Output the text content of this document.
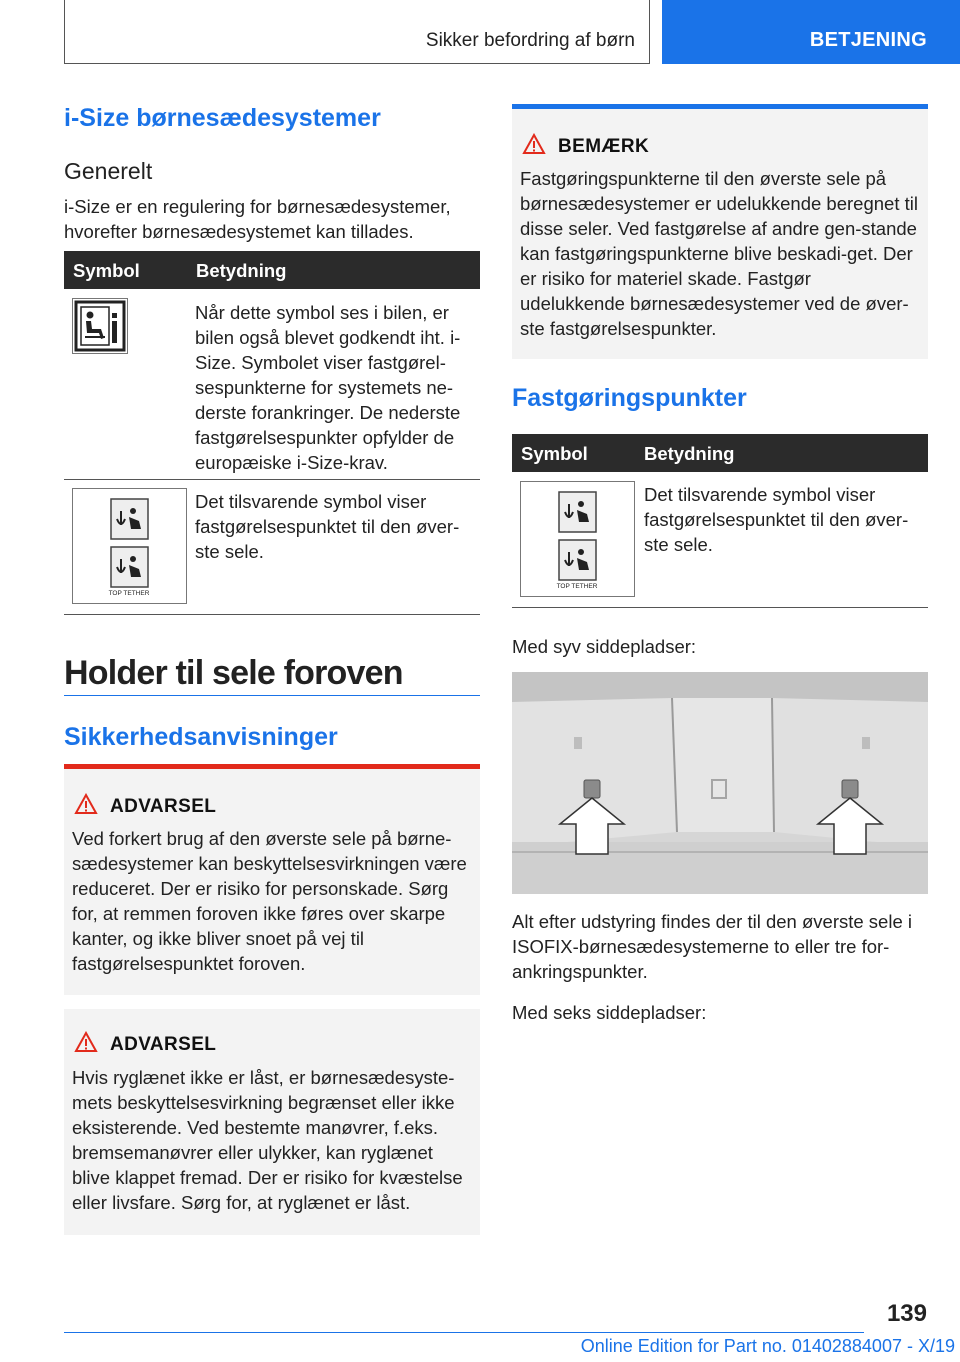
Sikker befordring af børn	BETJENING
i-Size børnesædesystemer
Generelt

i-Size er en regulering for børnesædesystemer, hvorefter børnesædesystemet kan tillades.

Symbol	Betydning

Når dette symbol ses i bilen, er bilen også blevet godkendt iht. i-Size. Symbolet viser fastgørel-sespunkterne for systemets ne-derste forankringer. De nederste fastgørelsespunkter opfylder de europæiske i-Size-krav.

TOP TETHER

Det tilsvarende symbol viser fastgørelsespunktet til den øver-ste sele.

Holder til sele foroven
Sikkerhedsanvisninger
ADVARSEL

Ved forkert brug af den øverste sele på børne-sædesystemer kan beskyttelsesvirkningen være reduceret. Der er risiko for personskade. Sørg for, at remmen foroven ikke føres over skarpe kanter, og ikke bliver snoet på vej til fastgørelsespunktet foroven.

ADVARSEL

Hvis ryglænet ikke er låst, er børnesædesyste-mets beskyttelsesvirkning begrænset eller ikke eksisterende. Ved bestemte manøvrer, f.eks. bremsemanøvrer eller ulykker, kan ryglænet blive klappet fremad. Der er risiko for kvæstelse eller livsfare. Sørg for, at ryglænet er låst.

BEMÆRK

Fastgøringspunkterne til den øverste sele på børnesædesystemer er udelukkende beregnet til disse seler. Ved fastgørelse af andre gen-stande kan fastgøringspunkterne blive beskadi-get. Der er risiko for materiel skade. Fastgør udelukkende børnesædesystemer ved de øver-ste fastgørelsespunkter.

Fastgøringspunkter
Symbol	Betydning
TOP TETHER

Det tilsvarende symbol viser fastgørelsespunktet til den øver-ste sele.

Med syv siddepladser:

Alt efter udstyring findes der til den øverste sele i ISOFIX-børnesædesystemerne to eller tre for-ankringspunkter.

Med seks siddepladser:

139
Online Edition for Part no. 01402884007 - X/19
